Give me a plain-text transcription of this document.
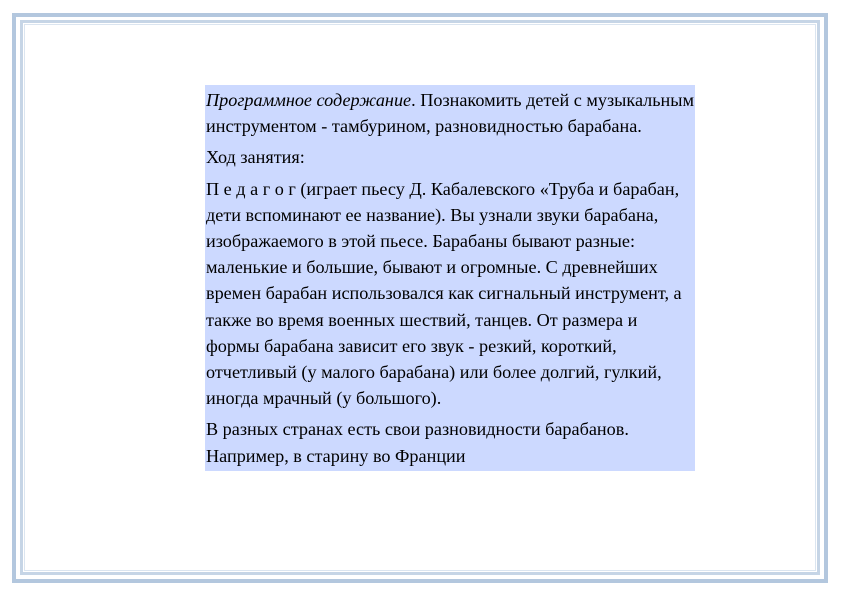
Программное содержание. Познакомить детей с музыкальным инструментом - тамбурином, разновидностью барабана.

Ход занятия:

П е д а г о г (играет пьесу Д. Кабалевского «Труба и барабан, дети вспоминают ее название). Вы узнали звуки барабана, изображаемого в этой пьесе. Барабаны бывают разные: маленькие и большие, бывают и огромные. С древнейших времен барабан использовался как сигнальный инструмент, а также во время военных шествий, танцев. От размера и формы барабана зависит его звук - резкий, короткий, отчетливый (у малого барабана) или более долгий, гулкий, иногда мрачный (у большого).

В разных странах есть свои разновидности барабанов. Например, в старину во Франции
